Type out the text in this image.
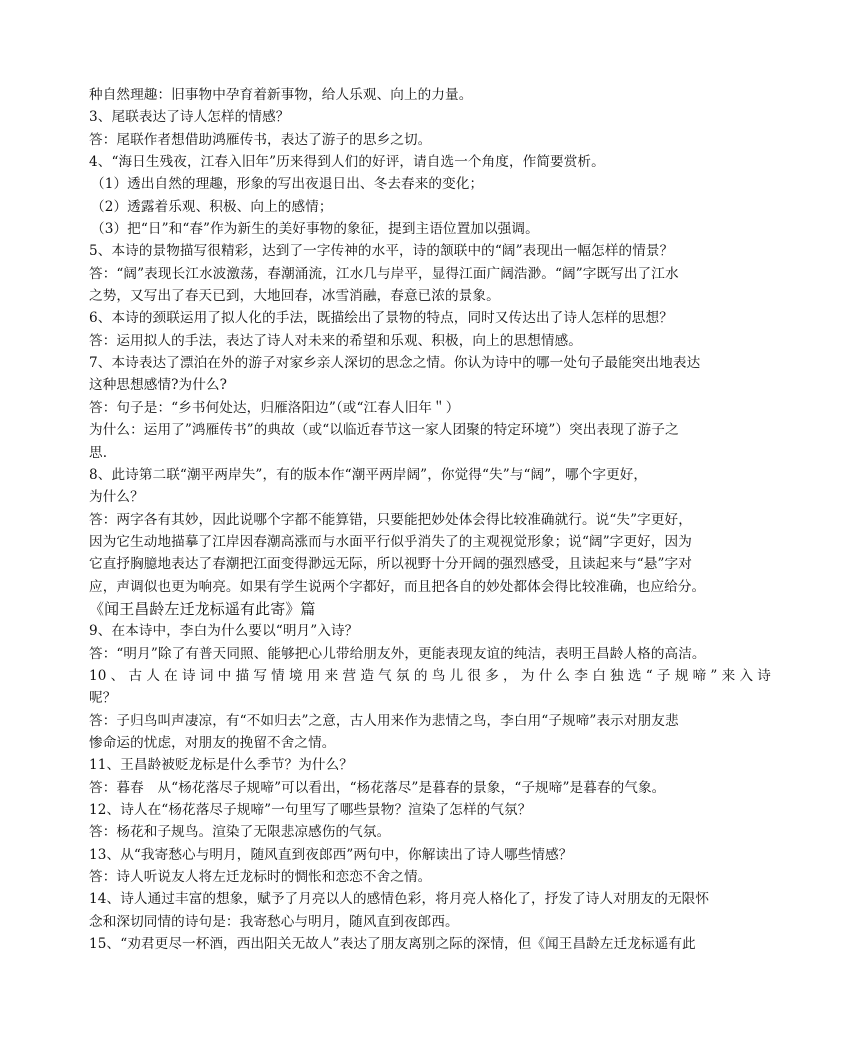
种自然理趣：旧事物中孕育着新事物，给人乐观、向上的力量。

3、尾联表达了诗人怎样的情感？

答：尾联作者想借助鸿雁传书，表达了游子的思乡之切。

4、“海日生残夜，江春入旧年”历来得到人们的好评，请自选一个角度，作简要赏析。

（1）透出自然的理趣，形象的写出夜退日出、冬去春来的变化；

（2）透露着乐观、积极、向上的感情；

（3）把“日”和“春”作为新生的美好事物的象征，提到主语位置加以强调。

5、本诗的景物描写很精彩，达到了一字传神的水平，诗的颔联中的“阔”表现出一幅怎样的情景？

答：“阔”表现长江水波激荡，春潮涌流，江水几与岸平，显得江面广阔浩渺。“阔”字既写出了江水

之势，又写出了春天已到，大地回春，冰雪消融，春意已浓的景象。

6、本诗的颈联运用了拟人化的手法，既描绘出了景物的特点，同时又传达出了诗人怎样的思想？

答：运用拟人的手法，表达了诗人对未来的希望和乐观、积极，向上的思想情感。

7、本诗表达了漂泊在外的游子对家乡亲人深切的思念之情。你认为诗中的哪一处句子最能突出地表达

这种思想感情?为什么?

答：句子是：“乡书何处达，归雁洛阳边”（或“江春人旧年＂）

为什么：运用了”鸿雁传书”的典故（或“以临近春节这一家人团聚的特定环境”）突出表现了游子之

思.

8、此诗第二联“潮平两岸失”，有的版本作“潮平两岸阔”，你觉得“失”与“阔”，哪个字更好，

为什么？

答：两字各有其妙，因此说哪个字都不能算错，只要能把妙处体会得比较准确就行。说“失”字更好，

因为它生动地描摹了江岸因春潮高涨而与水面平行似乎消失了的主观视觉形象；说“阔”字更好，因为

它直抒胸臆地表达了春潮把江面变得渺远无际，所以视野十分开阔的强烈感受，且读起来与“悬”字对

应，声调似也更为响亮。如果有学生说两个字都好，而且把各自的妙处都体会得比较准确，也应给分。

《闻王昌龄左迁龙标遥有此寄》篇

9、在本诗中，李白为什么要以“明月”入诗？

答：“明月”除了有普天同照、能够把心儿带给朋友外，更能表现友谊的纯洁，表明王昌龄人格的高洁。

10、古人在诗词中描写情境用来营造气氛的鸟儿很多，为什么李白独选“子规啼”来入诗

呢？

答：子归鸟叫声凄凉，有“不如归去”之意，古人用来作为悲情之鸟，李白用“子规啼”表示对朋友悲

惨命运的忧虑，对朋友的挽留不舍之情。

11、王昌龄被贬龙标是什么季节？为什么？

答：暮春　从“杨花落尽子规啼”可以看出，“杨花落尽”是暮春的景象，“子规啼”是暮春的气象。

12、诗人在“杨花落尽子规啼”一句里写了哪些景物？渲染了怎样的气氛？

答：杨花和子规鸟。渲染了无限悲凉感伤的气氛。

13、从“我寄愁心与明月，随风直到夜郎西”两句中，你解读出了诗人哪些情感？

答：诗人听说友人将左迁龙标时的惆怅和恋恋不舍之情。

14、诗人通过丰富的想象，赋予了月亮以人的感情色彩，将月亮人格化了，抒发了诗人对朋友的无限怀

念和深切同情的诗句是：我寄愁心与明月，随风直到夜郎西。

15、“劝君更尽一杯酒，西出阳关无故人”表达了朋友离别之际的深情，但《闻王昌龄左迁龙标遥有此
